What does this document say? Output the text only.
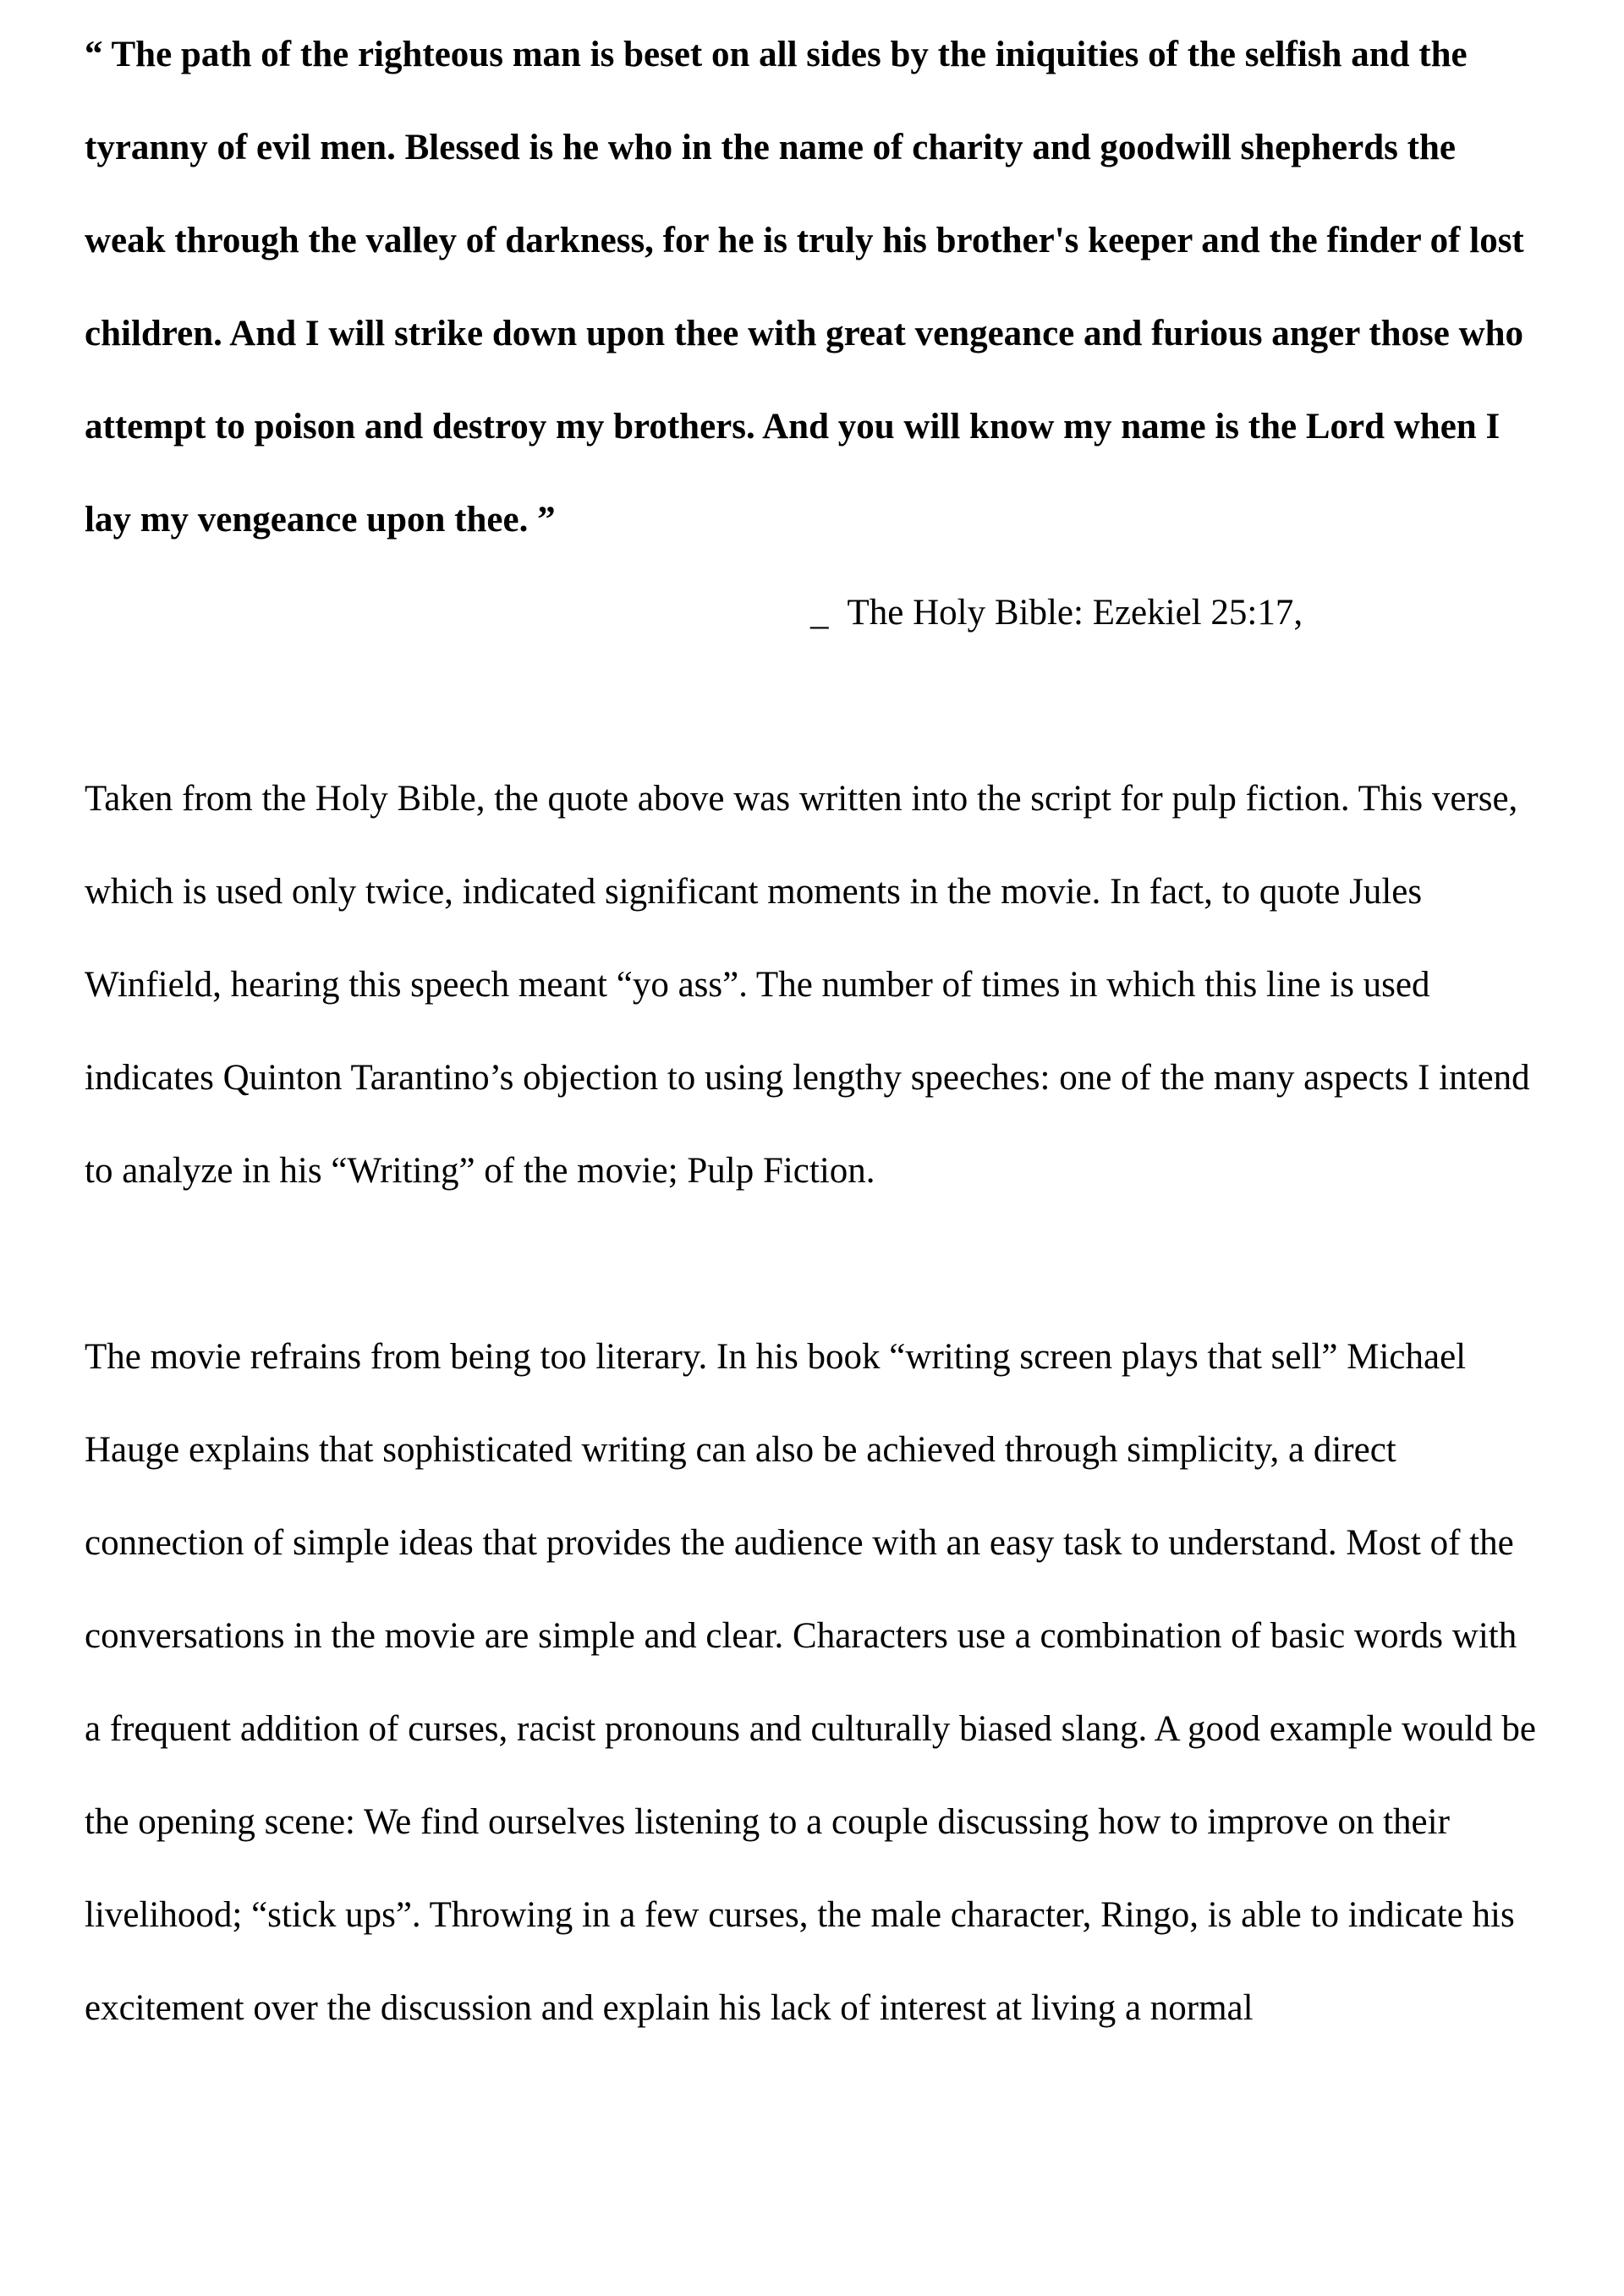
“ The path of the righteous man is beset on all sides by the iniquities of the selfish and the tyranny of evil men. Blessed is he who in the name of charity and goodwill shepherds the weak through the valley of darkness, for he is truly his brother's keeper and the finder of lost children. And I will strike down upon thee with great vengeance and furious anger those who attempt to poison and destroy my brothers. And you will know my name is the Lord when I lay my vengeance upon thee. ”

_ The Holy Bible: Ezekiel 25:17,

Taken from the Holy Bible, the quote above was written into the script for pulp fiction. This verse, which is used only twice, indicated significant moments in the movie. In fact, to quote Jules Winfield, hearing this speech meant “yo ass”. The number of times in which this line is used indicates Quinton Tarantino’s objection to using lengthy speeches: one of the many aspects I intend to analyze in his “Writing” of the movie; Pulp Fiction.

The movie refrains from being too literary. In his book “writing screen plays that sell” Michael Hauge explains that sophisticated writing can also be achieved through simplicity, a direct connection of simple ideas that provides the audience with an easy task to understand. Most of the conversations in the movie are simple and clear. Characters use a combination of basic words with a frequent addition of curses, racist pronouns and culturally biased slang. A good example would be the opening scene: We find ourselves listening to a couple discussing how to improve on their livelihood; “stick ups”. Throwing in a few curses, the male character, Ringo, is able to indicate his excitement over the discussion and explain his lack of interest at living a normal
